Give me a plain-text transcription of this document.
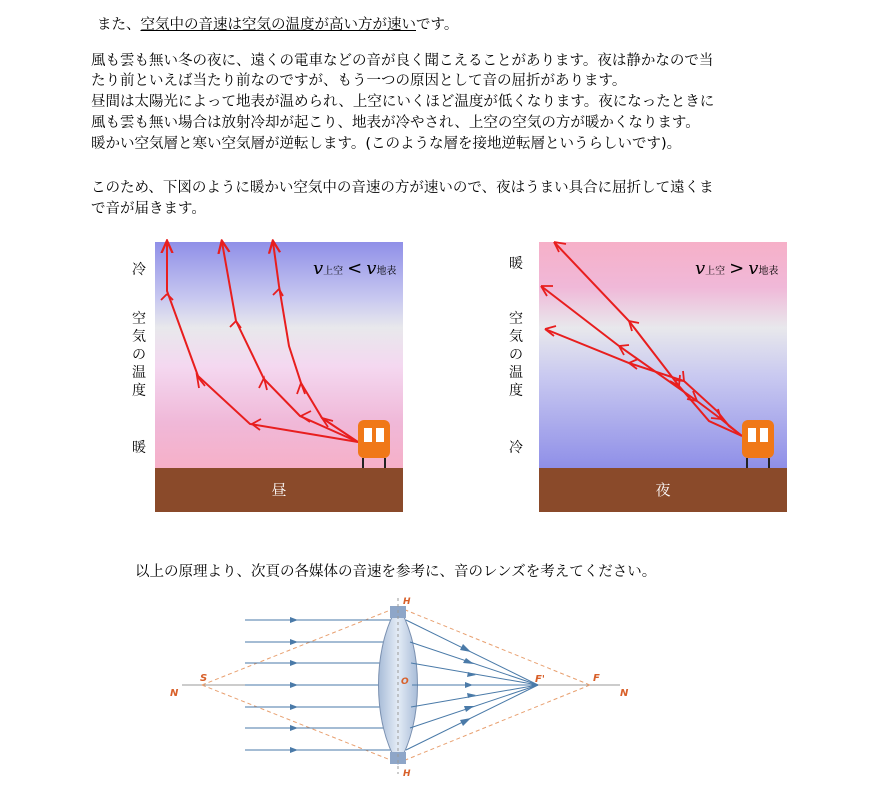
また、空気中の音速は空気の温度が高い方が速いです。
風も雲も無い冬の夜に、遠くの電車などの音が良く聞こえることがあります。夜は静かなので当
たり前といえば当たり前なのですが、もう一つの原因として音の屈折があります。
昼間は太陽光によって地表が温められ、上空にいくほど温度が低くなります。夜になったときに
風も雲も無い場合は放射冷却が起こり、地表が冷やされ、上空の空気の方が暖かくなります。
暖かい空気層と寒い空気層が逆転します。(このような層を接地逆転層というらしいです)。
このため、下図のように暖かい空気中の音速の方が速いので、夜はうまい具合に屈折して遠くま
で音が届きます。
昼
冷
空
気
の
温
度
暖
v上空 < v地表
夜
暖
空
気
の
温
度
冷
v上空 > v地表
以上の原理より、次頁の各媒体の音速を参考に、音のレンズを考えてください。
N
S
H
H
O	F'	F
N
